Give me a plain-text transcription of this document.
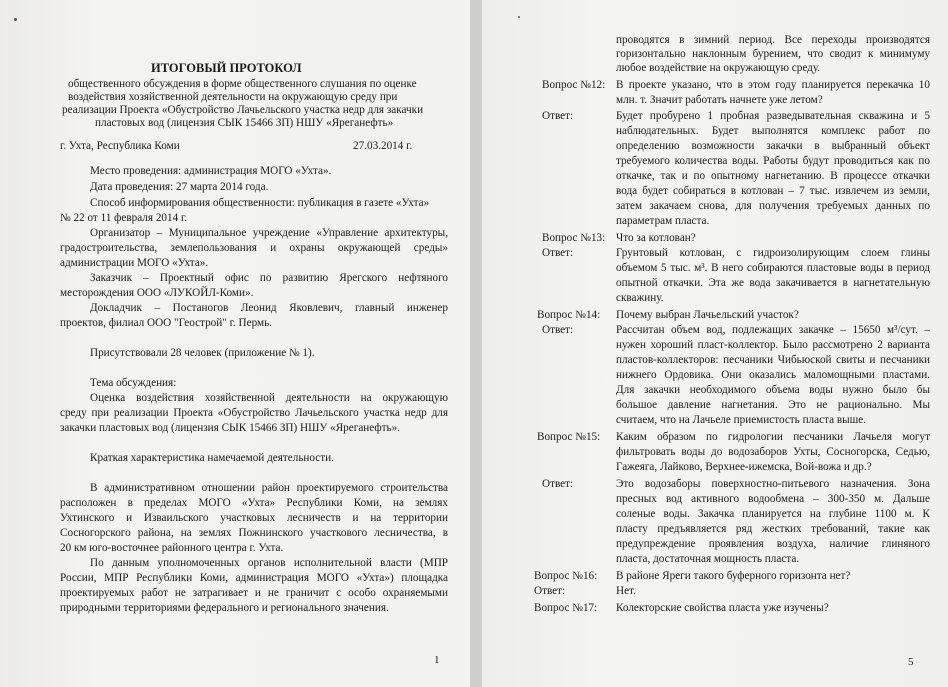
ИТОГОВЫЙ ПРОТОКОЛ
общественного обсуждения в форме общественного слушания по оценке
воздействия хозяйственной деятельности на окружающую среду при
реализации Проекта «Обустройство Лачьельского участка недр для закачки
пластовых вод (лицензия СЫК 15466 ЗП) НШУ «Яреганефть»
г. Ухта, Республика Коми	27.03.2014 г.
Место проведения: администрация МОГО «Ухта».
Дата проведения: 27 марта 2014 года.
Способ информирования общественности: публикация в газете «Ухта»
№ 22 от 11 февраля 2014 г.
Организатор – Муниципальное учреждение «Управление архитектуры,
градостроительства, землепользования и охраны окружающей среды»
администрации МОГО «Ухта».
Заказчик – Проектный офис по развитию Ярегского нефтяного
месторождения ООО «ЛУКОЙЛ-Коми».
Докладчик – Постаногов Леонид Яковлевич, главный инженер
проектов, филиал ООО "Геострой" г. Пермь.
Присутствовали 28 человек (приложение № 1).
Тема обсуждения:
Оценка воздействия хозяйственной деятельности на окружающую
среду при реализации Проекта «Обустройство Лачьельского участка недр для
закачки пластовых вод (лицензия СЫК 15466 ЗП) НШУ «Яреганефть».
Краткая характеристика намечаемой деятельности.
В административном отношении район проектируемого строительства
расположен в пределах МОГО «Ухта» Республики Коми, на землях
Ухтинского и Изваильского участковых лесничеств и на территории
Сосногорского района, на землях Пожнинского участкового лесничества, в
20 км юго-восточнее районного центра г. Ухта.
По данным уполномоченных органов исполнительной власти (МПР
России, МПР Республики Коми, администрация МОГО «Ухта») площадка
проектируемых работ не затрагивает и не граничит с особо охраняемыми
природными территориями федерального и регионального значения.
1
проводятся в зимний период. Все переходы производятся
горизонтально наклонным бурением, что сводит к минимуму
любое воздействие на окружающую среду.
Вопрос №12: В проекте указано, что в этом году планируется перекачка 10
млн. т. Значит работать начнете уже летом?
Ответ:	Будет пробурено 1 пробная разведывательная скважина и 5
наблюдательных. Будет выполнятся комплекс работ по
определению возможности закачки в выбранный объект
требуемого количества воды. Работы будут проводиться как по
откачке, так и по опытному нагнетанию. В процессе откачки
вода будет собираться в котлован – 7 тыс. извлечем из земли,
затем закачаем снова, для получения требуемых данных по
параметрам пласта.
Вопрос №13: Что за котлован?
Ответ:	Грунтовый котлован, с гидроизолирующим слоем глины
объемом 5 тыс. м³. В него собираются пластовые воды в период
опытной откачки. Эта же вода закачивается в нагнетательную
скважину.
Вопрос №14: Почему выбран Лачьельский участок?
Ответ:	Рассчитан объем вод, подлежащих закачке – 15650 м³/сут. –
нужен хороший пласт-коллектор. Было рассмотрено 2 варианта
пластов-коллекторов: песчаники Чибьюской свиты и песчаники
нижнего Ордовика. Они оказались маломощными пластами.
Для закачки необходимого объема воды нужно было бы
большое давление нагнетания. Это не рационально. Мы
считаем, что на Лачьеле приемистость пласта выше.
Вопрос №15: Каким образом по гидрологии песчаники Лачьеля могут
фильтровать воды до водозаборов Ухты, Сосногорска, Седью,
Гажеяга, Лайково, Верхнее-ижемска, Вой-вожа и др.?
Ответ:	Это водозаборы поверхностно-питьевого назначения. Зона
пресных вод активного водообмена – 300-350 м. Дальше
соленые воды. Закачка планируется на глубине 1100 м. К
пласту предъявляется ряд жестких требований, такие как
предупреждение проявления воздуха, наличие глиняного
пласта, достаточная мощность пласта.
Вопрос №16: В районе Яреги такого буферного горизонта нет?
Ответ:	Нет.
Вопрос №17: Колекторские свойства пласта уже изучены?
5
